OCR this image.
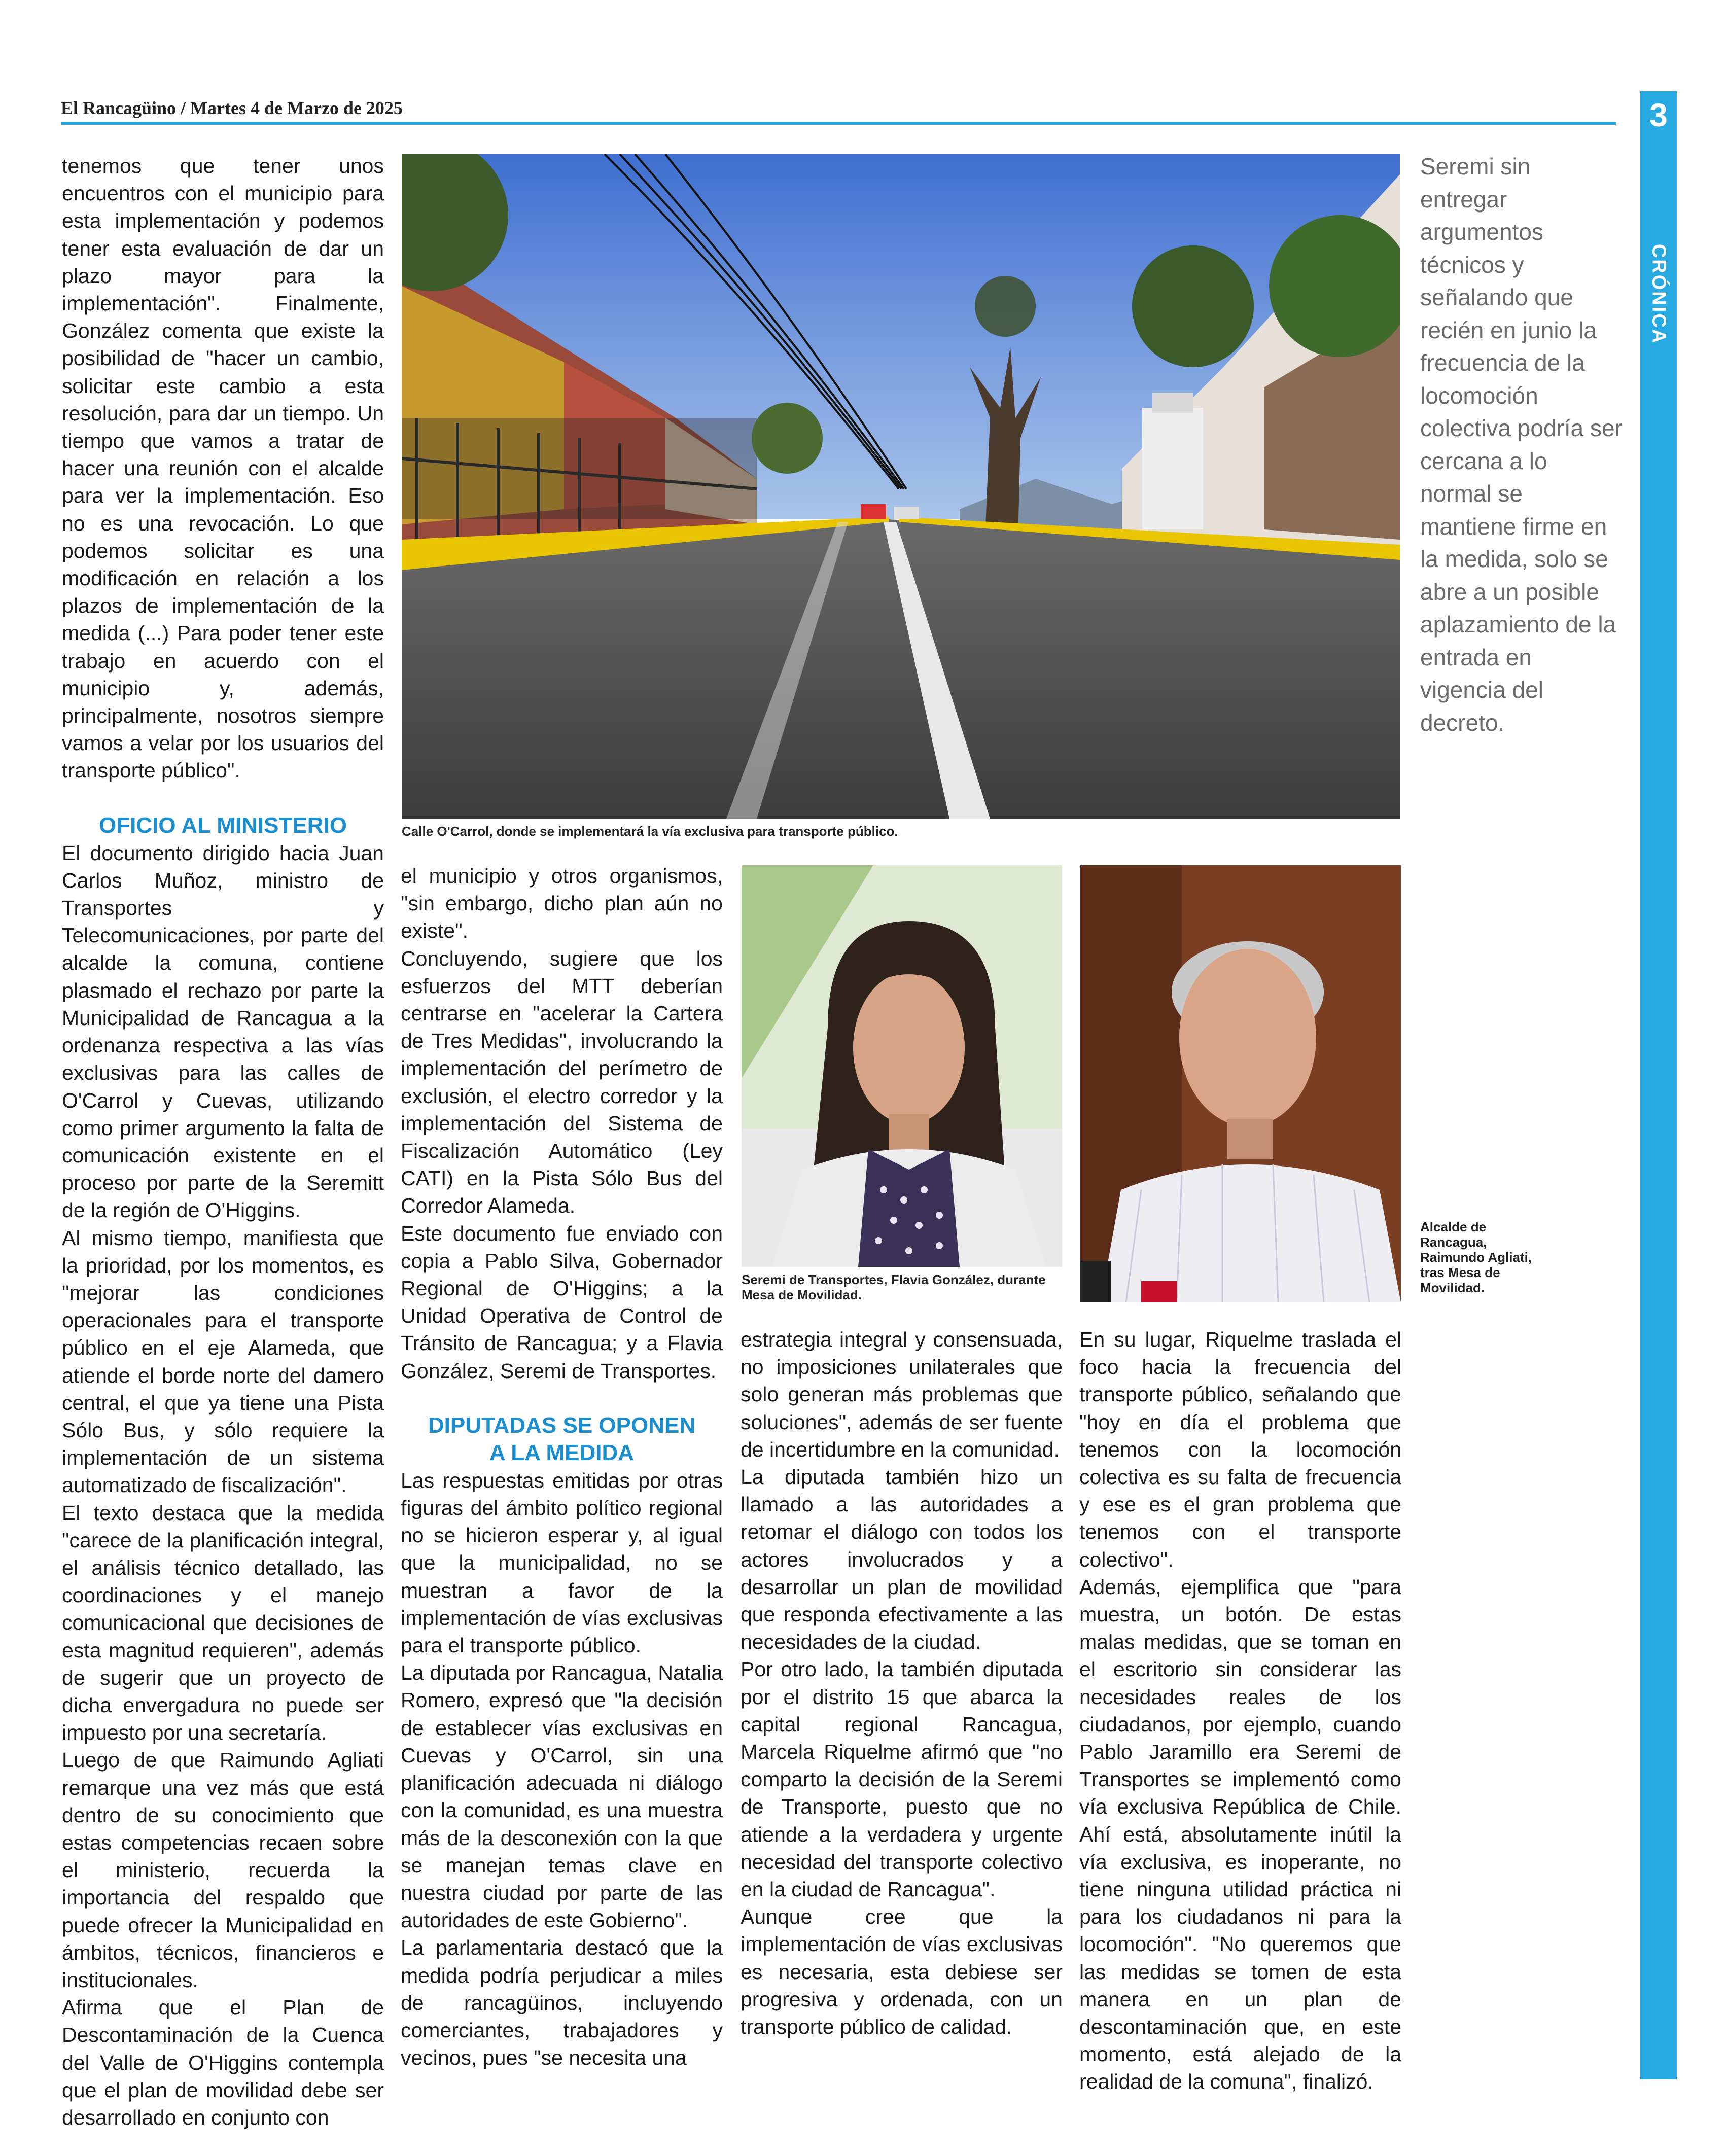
El Rancagüino / Martes 4 de Marzo de 2025	3
CRÓNICA
Calle O'Carrol, donde se implementará la vía exclusiva para transporte público.
Seremi de Transportes, Flavia González, durante Mesa de Movilidad.
Alcalde de Rancagua, Raimundo Agliati, tras Mesa de Movilidad.
Seremi sin entregar argumentos técnicos y señalando que recién en junio la frecuencia de la locomoción colectiva podría ser cercana a lo normal se mantiene firme en la medida, solo se abre a un posible aplazamiento de la entrada en vigencia del decreto.

tenemos que tener unos encuentros con el municipio para esta implementación y podemos tener esta evaluación de dar un plazo mayor para la implementación". Finalmente, González comenta que existe la posibilidad de "hacer un cambio, solicitar este cambio a esta resolución, para dar un tiempo. Un tiempo que vamos a tratar de hacer una reunión con el alcalde para ver la implementación. Eso no es una revocación. Lo que podemos solicitar es una modificación en relación a los plazos de implementación de la medida (...) Para poder tener este trabajo en acuerdo con el municipio y, además, principalmente, nosotros siempre vamos a velar por los usuarios del transporte público".

OFICIO AL MINISTERIO

El documento dirigido hacia Juan Carlos Muñoz, ministro de Transportes y Telecomunicaciones, por parte del alcalde la comuna, contiene plasmado el rechazo por parte la Municipalidad de Rancagua a la ordenanza respectiva a las vías exclusivas para las calles de O'Carrol y Cuevas, utilizando como primer argumento la falta de comunicación existente en el proceso por parte de la Seremitt de la región de O'Higgins.

Al mismo tiempo, manifiesta que la prioridad, por los momentos, es "mejorar las condiciones operacionales para el transporte público en el eje Alameda, que atiende el borde norte del damero central, el que ya tiene una Pista Sólo Bus, y sólo requiere la implementación de un sistema automatizado de fiscalización".

El texto destaca que la medida "carece de la planificación integral, el análisis técnico detallado, las coordinaciones y el manejo comunicacional que decisiones de esta magnitud requieren", además de sugerir que un proyecto de dicha envergadura no puede ser impuesto por una secretaría.

Luego de que Raimundo Agliati remarque una vez más que está dentro de su conocimiento que estas competencias recaen sobre el ministerio, recuerda la importancia del respaldo que puede ofrecer la Municipalidad en ámbitos, técnicos, financieros e institucionales.

Afirma que el Plan de Descontaminación de la Cuenca del Valle de O'Higgins contempla que el plan de movilidad debe ser desarrollado en conjunto con

el municipio y otros organismos, "sin embargo, dicho plan aún no existe".

Concluyendo, sugiere que los esfuerzos del MTT deberían centrarse en "acelerar la Cartera de Tres Medidas", involucrando la implementación del perímetro de exclusión, el electro corredor y la implementación del Sistema de Fiscalización Automático (Ley CATI) en la Pista Sólo Bus del Corredor Alameda.

Este documento fue enviado con copia a Pablo Silva, Gobernador Regional de O'Higgins; a la Unidad Operativa de Control de Tránsito de Rancagua; y a Flavia González, Seremi de Transportes.

DIPUTADAS SE OPONEN

A LA MEDIDA

Las respuestas emitidas por otras figuras del ámbito político regional no se hicieron esperar y, al igual que la municipalidad, no se muestran a favor de la implementación de vías exclusivas para el transporte público.

La diputada por Rancagua, Natalia Romero, expresó que "la decisión de establecer vías exclusivas en Cuevas y O'Carrol, sin una planificación adecuada ni diálogo con la comunidad, es una muestra más de la desconexión con la que se manejan temas clave en nuestra ciudad por parte de las autoridades de este Gobierno".

La parlamentaria destacó que la medida podría perjudicar a miles de rancagüinos, incluyendo comerciantes, trabajadores y vecinos, pues "se necesita una

estrategia integral y consensuada, no imposiciones unilaterales que solo generan más problemas que soluciones", además de ser fuente de incertidumbre en la comunidad.

La diputada también hizo un llamado a las autoridades a retomar el diálogo con todos los actores involucrados y a desarrollar un plan de movilidad que responda efectivamente a las necesidades de la ciudad.

Por otro lado, la también diputada por el distrito 15 que abarca la capital regional Rancagua, Marcela Riquelme afirmó que "no comparto la decisión de la Seremi de Transporte, puesto que no atiende a la verdadera y urgente necesidad del transporte colectivo en la ciudad de Rancagua".

Aunque cree que la implementación de vías exclusivas es necesaria, esta debiese ser progresiva y ordenada, con un transporte público de calidad.

En su lugar, Riquelme traslada el foco hacia la frecuencia del transporte público, señalando que "hoy en día el problema que tenemos con la locomoción colectiva es su falta de frecuencia y ese es el gran problema que tenemos con el transporte colectivo".

Además, ejemplifica que "para muestra, un botón. De estas malas medidas, que se toman en el escritorio sin considerar las necesidades reales de los ciudadanos, por ejemplo, cuando Pablo Jaramillo era Seremi de Transportes se implementó como vía exclusiva República de Chile. Ahí está, absolutamente inútil la vía exclusiva, es inoperante, no tiene ninguna utilidad práctica ni para los ciudadanos ni para la locomoción". "No queremos que las medidas se tomen de esta manera en un plan de descontaminación que, en este momento, está alejado de la realidad de la comuna", finalizó.
